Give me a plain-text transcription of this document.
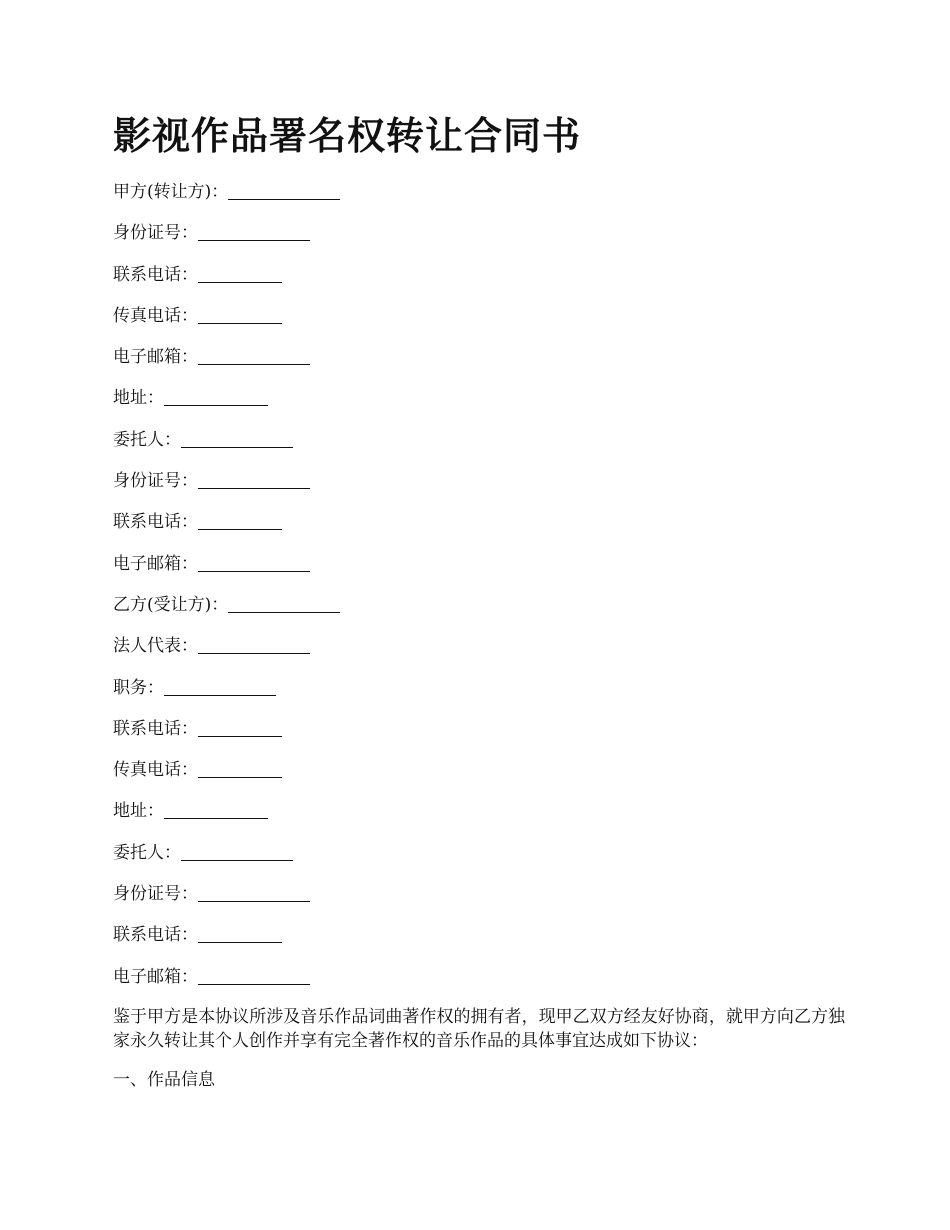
影视作品署名权转让合同书
甲方(转让方)：
身份证号：
联系电话：
传真电话：
电子邮箱：
地址：
委托人：
身份证号：
联系电话：
电子邮箱：
乙方(受让方)：
法人代表：
职务：
联系电话：
传真电话：
地址：
委托人：
身份证号：
联系电话：
电子邮箱：

鉴于甲方是本协议所涉及音乐作品词曲著作权的拥有者，现甲乙双方经友好协商，就甲方向乙方独家永久转让其个人创作并享有完全著作权的音乐作品的具体事宜达成如下协议：

一、作品信息
